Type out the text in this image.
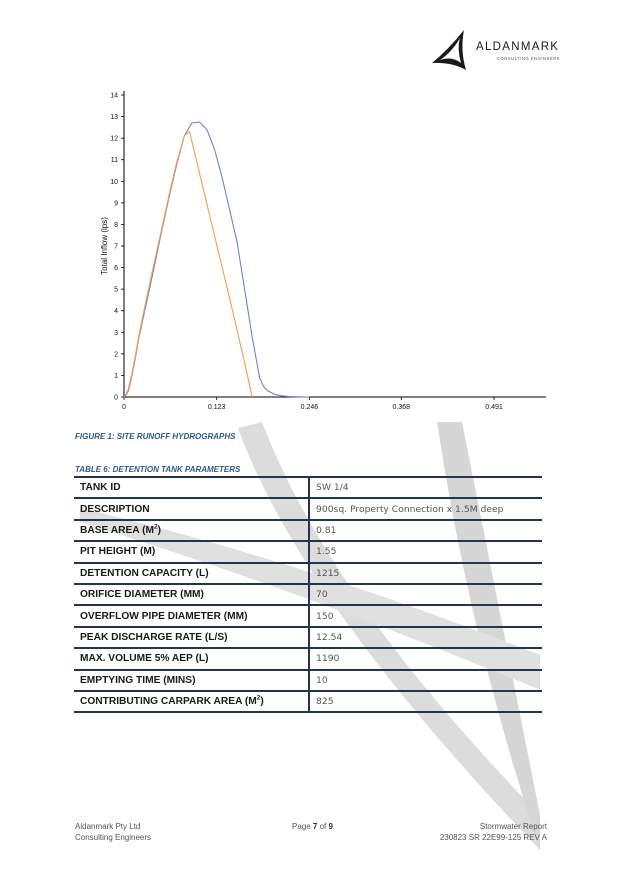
ALDANMARK
CONSULTING ENGINEERS
0
1
2
3
4
5
6
7
8
9
10
11
12
13
14
0	0.123	0.246	0.368	0.491
Total Inflow (lps)
FIGURE 1: SITE RUNOFF HYDROGRAPHS
TABLE 6: DETENTION TANK PARAMETERS
TANK ID	SW 1/4
DESCRIPTION	900sq. Property Connection x 1.5M deep
BASE AREA $(M^2)$	0.81
PIT HEIGHT (M)	1.55
DETENTION CAPACITY (L)	1215
ORIFICE DIAMETER (MM)	70
OVERFLOW PIPE DIAMETER (MM)	150
PEAK DISCHARGE RATE (L/S)	12.54
MAX. VOLUME 5% AEP (L)	1190
EMPTYING TIME (MINS)	10
CONTRIBUTING CARPARK AREA $(M^2)$	825
Aldanmark Pty Ltd
Consulting Engineers
Page 7 of 9	Stormwater Report
230823 SR 22E99-125 REV A
